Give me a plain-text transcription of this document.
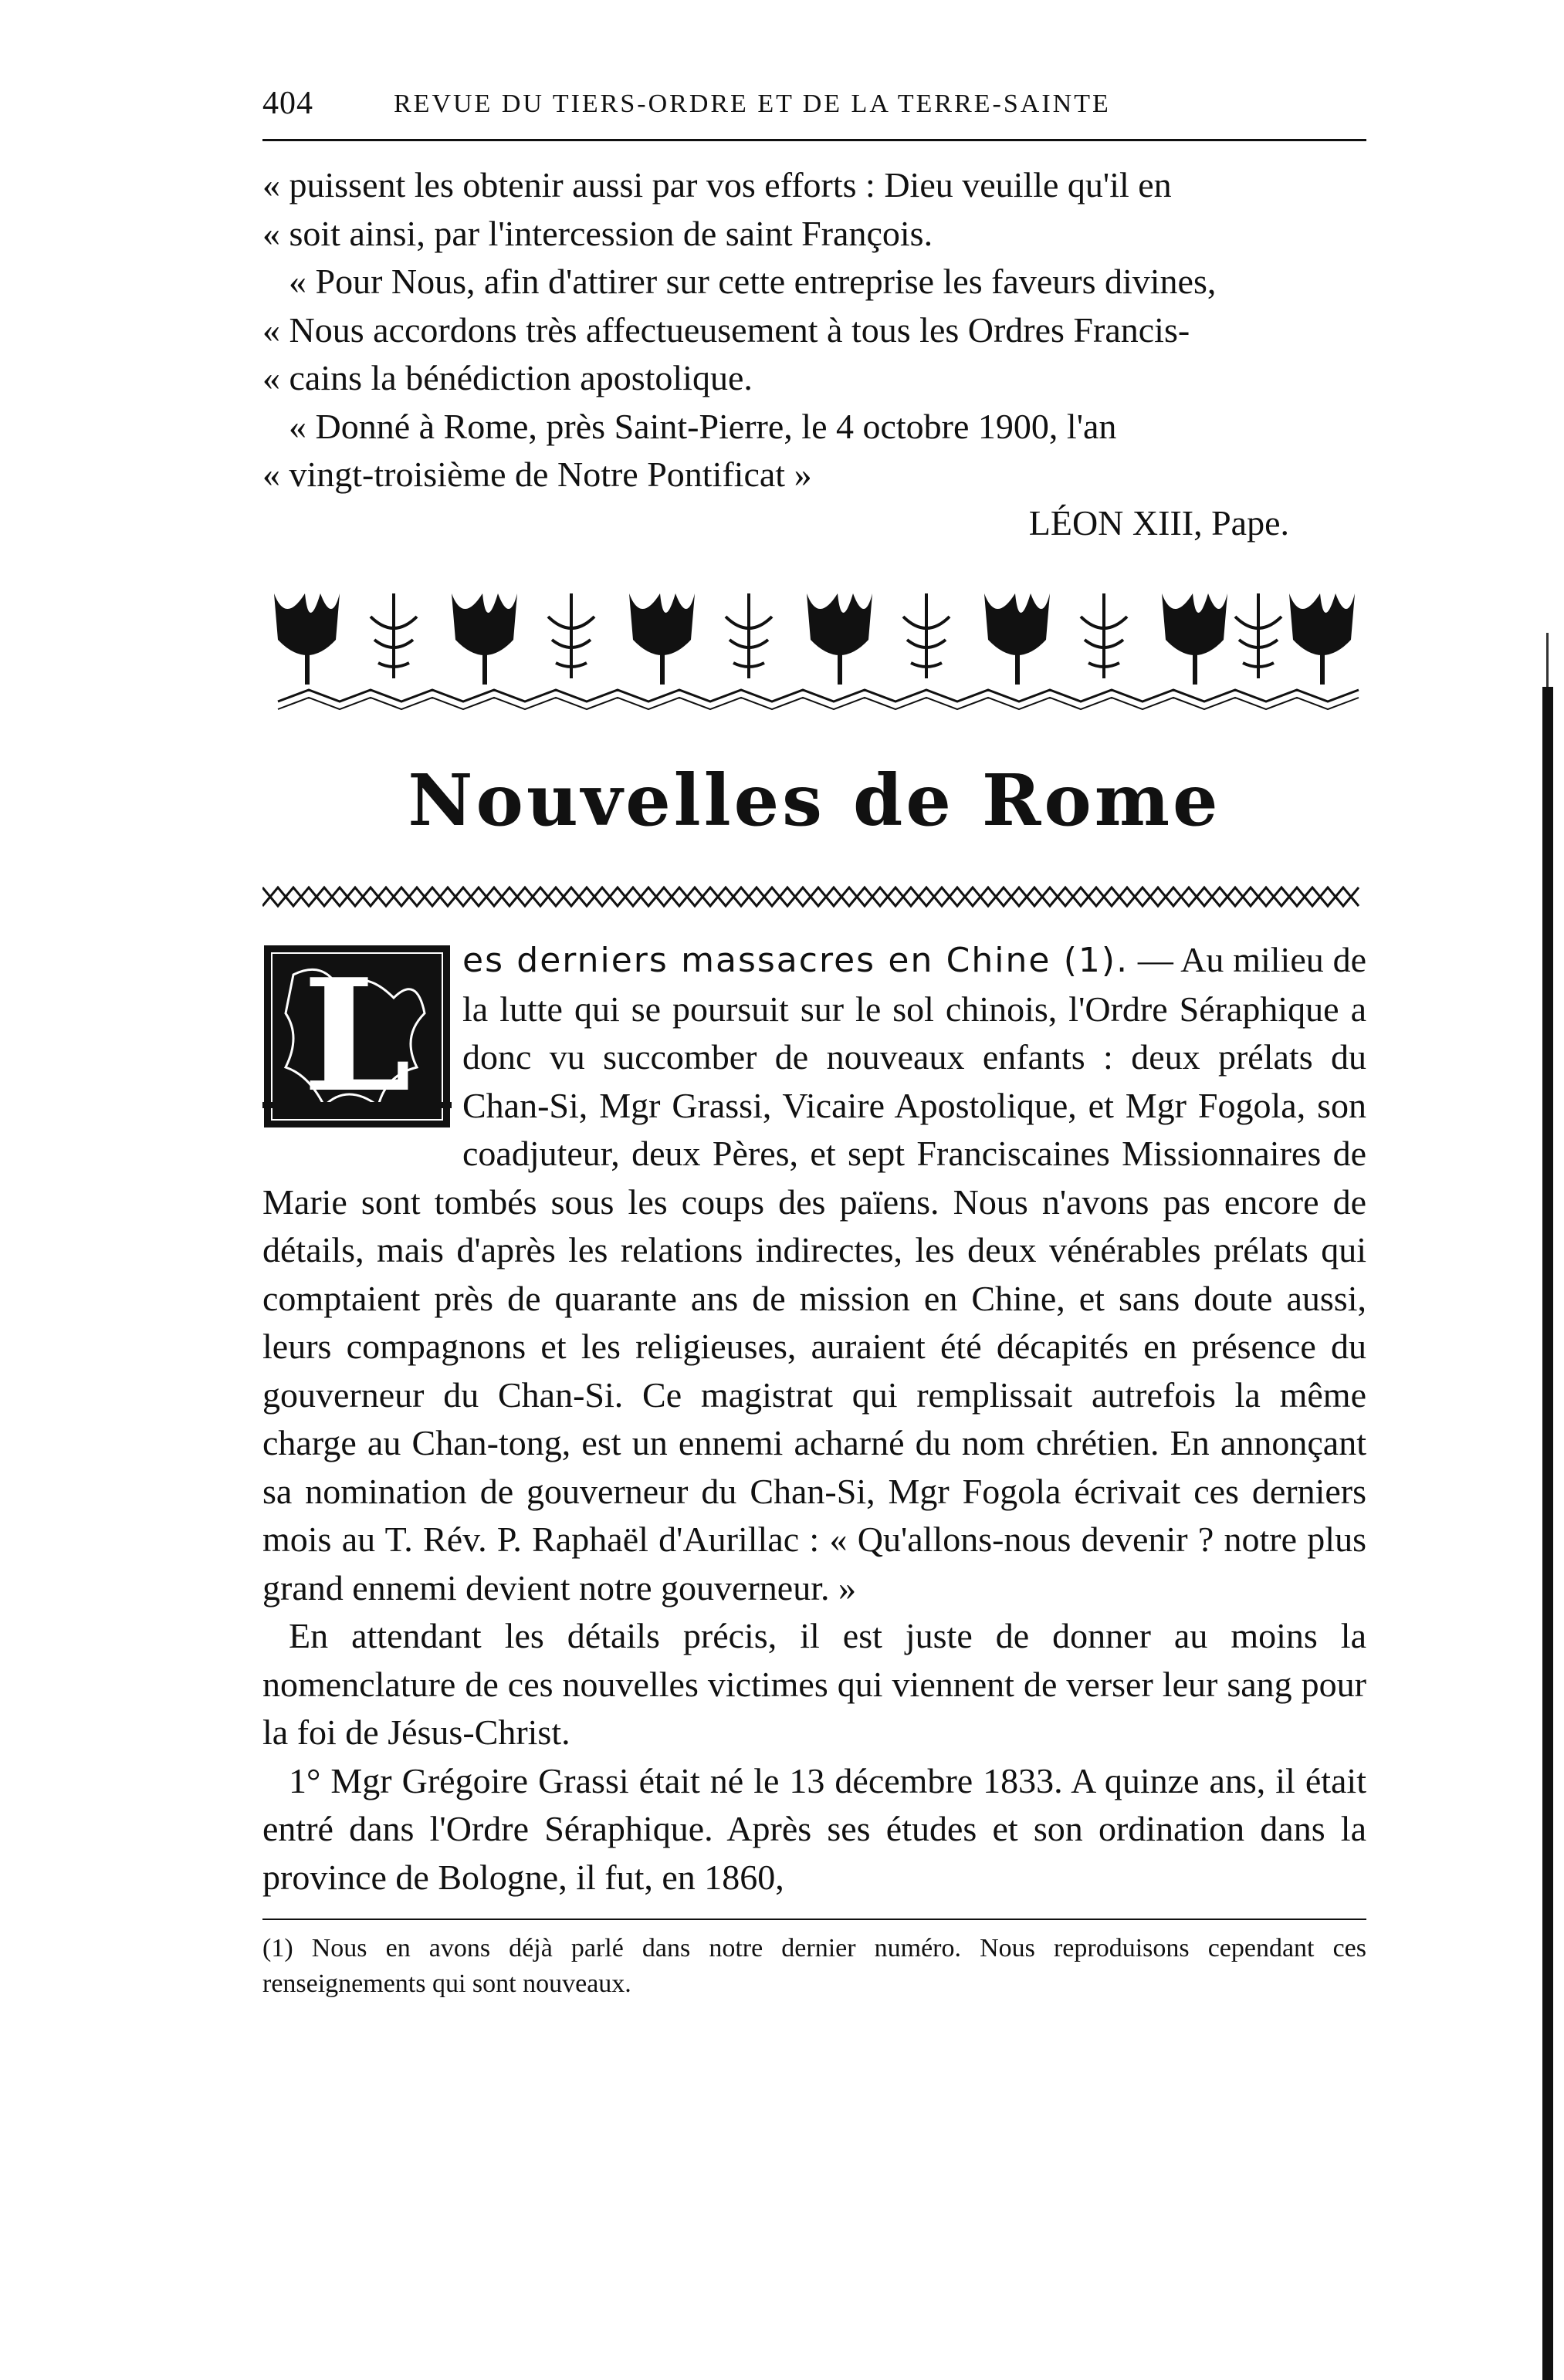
404	REVUE DU TIERS-ORDRE ET DE LA TERRE-SAINTE
« puissent les obtenir aussi par vos efforts : Dieu veuille qu'il en
« soit ainsi, par l'intercession de saint François.
« Pour Nous, afin d'attirer sur cette entreprise les faveurs divines,
« Nous accordons très affectueusement à tous les Ordres Francis-
« cains la bénédiction apostolique.
« Donné à Rome, près Saint-Pierre, le 4 octobre 1900, l'an
« vingt-troisième de Notre Pontificat »
LÉON XIII, Pape.
Nouvelles de Rome
L	es derniers massacres en Chine (1). — Au milieu de la lutte qui se poursuit sur le sol chinois, l'Ordre Séraphique a donc vu succomber de nouveaux enfants : deux prélats du Chan-Si, Mgr Grassi, Vicaire Apostolique, et Mgr Fogola, son coadjuteur, deux Pères, et sept Franciscaines Missionnaires de Marie sont tombés sous les coups des païens. Nous n'avons pas encore de détails, mais d'après les relations indirectes, les deux vénérables prélats qui comptaient près de quarante ans de mission en Chine, et sans doute aussi, leurs compagnons et les religieuses, auraient été décapités en présence du gouverneur du Chan-Si. Ce magistrat qui remplissait autrefois la même charge au Chan-tong, est un ennemi acharné du nom chrétien. En annonçant sa nomination de gouverneur du Chan-Si, Mgr Fogola écrivait ces derniers mois au T. Rév. P. Raphaël d'Aurillac : « Qu'allons-nous devenir ? notre plus grand ennemi devient notre gouverneur. »

En attendant les détails précis, il est juste de donner au moins la nomenclature de ces nouvelles victimes qui viennent de verser leur sang pour la foi de Jésus-Christ.

1° Mgr Grégoire Grassi était né le 13 décembre 1833. A quinze ans, il était entré dans l'Ordre Séraphique. Après ses études et son ordination dans la province de Bologne, il fut, en 1860,

(1) Nous en avons déjà parlé dans notre dernier numéro. Nous reproduisons cependant ces renseignements qui sont nouveaux.
